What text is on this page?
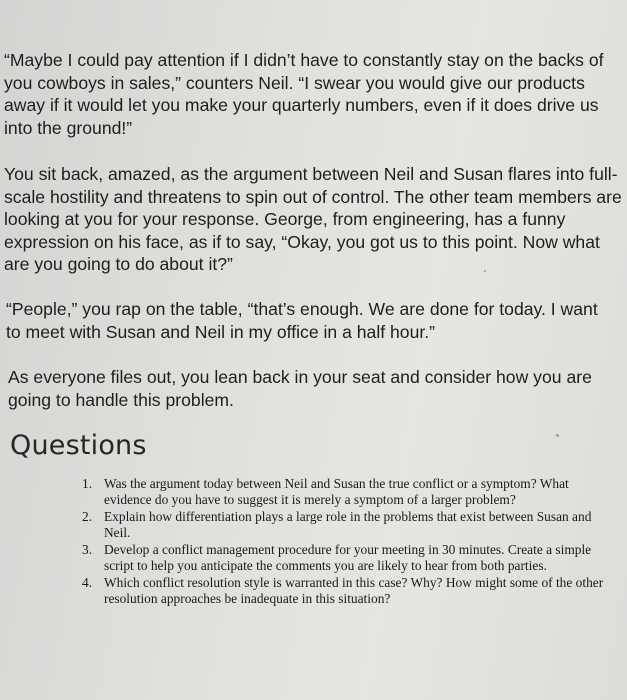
“Maybe I could pay attention if I didn’t have to constantly stay on the backs of you cowboys in sales,” counters Neil. “I swear you would give our products away if it would let you make your quarterly numbers, even if it does drive us into the ground!”

You sit back, amazed, as the argument between Neil and Susan flares into full-scale hostility and threatens to spin out of control. The other team members are looking at you for your response. George, from engineering, has a funny expression on his face, as if to say, “Okay, you got us to this point. Now what are you going to do about it?”

“People,” you rap on the table, “that’s enough. We are done for today. I want to meet with Susan and Neil in my office in a half hour.”

As everyone files out, you lean back in your seat and consider how you are going to handle this problem.

Questions
1. Was the argument today between Neil and Susan the true conflict or a symptom? What evidence do you have to suggest it is merely a symptom of a larger problem?
2. Explain how differentiation plays a large role in the problems that exist between Susan and Neil.
3. Develop a conflict management procedure for your meeting in 30 minutes. Create a simple script to help you anticipate the comments you are likely to hear from both parties.
4. Which conflict resolution style is warranted in this case? Why? How might some of the other resolution approaches be inadequate in this situation?
